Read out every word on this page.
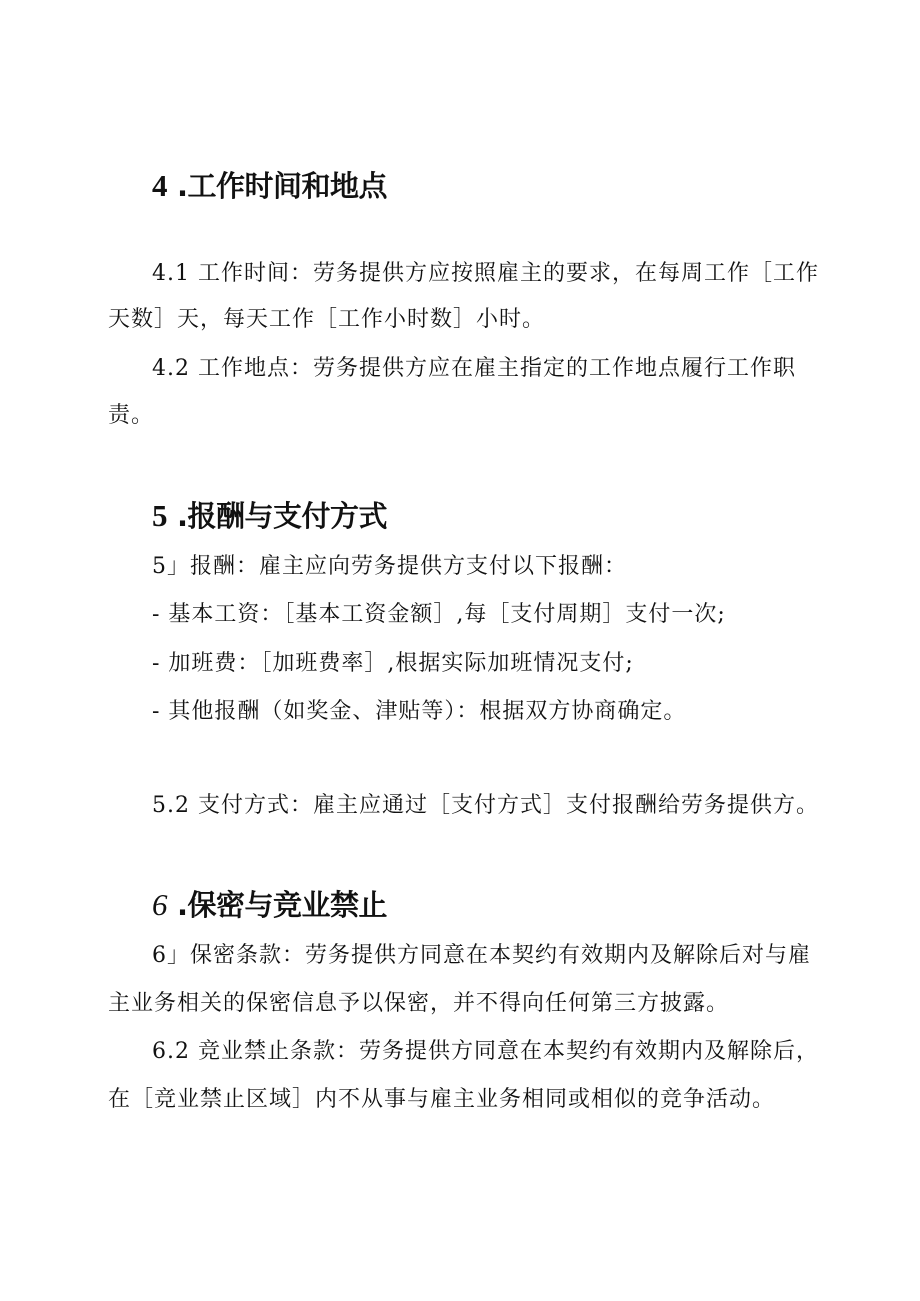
4 .工作时间和地点
4.1 工作时间：劳务提供方应按照雇主的要求，在每周工作［工作
天数］天，每天工作［工作小时数］小时。
4.2 工作地点：劳务提供方应在雇主指定的工作地点履行工作职
责。
5 .报酬与支付方式
5」报酬：雇主应向劳务提供方支付以下报酬：
- 基本工资：［基本工资金额］,每［支付周期］支付一次;
- 加班费：［加班费率］,根据实际加班情况支付;
- 其他报酬（如奖金、津贴等）：根据双方协商确定。
5.2 支付方式：雇主应通过［支付方式］支付报酬给劳务提供方。
6 .保密与竞业禁止
6」保密条款：劳务提供方同意在本契约有效期内及解除后对与雇
主业务相关的保密信息予以保密，并不得向任何第三方披露。
6.2 竞业禁止条款：劳务提供方同意在本契约有效期内及解除后，
在［竞业禁止区域］内不从事与雇主业务相同或相似的竞争活动。
